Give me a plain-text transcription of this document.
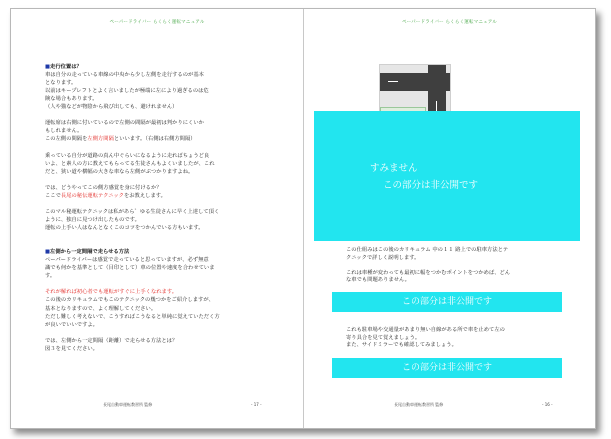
ペーパードライバー らくらく運転マニュアル
■走行位置は？
車は自分の走っている車線の中央から少し左側を走行するのが基本
となります。
以前はキープレフトとよく言いましたが極端に左により過ぎるのは危
険な場合もあります。
（人や猫などが物陰から飛び出しても、避けれません）
運転席は右側に付いているので左側の間隔が最初は判かりにくいか
もしれません。
この左側の間隔を左側方間隔といいます。（右側は右側方間隔）
乗っている自分が道路の真ん中ぐらいになるように走ればちょうど良
いよ、と素人の方に教えてもらってる生徒さんもよくいましたが、これ
だと、狭い道や横幅の大きな車なら左側がぶつかりますよね。
では、どうやってこの側方感覚を身に付けるか？
ここで長尾の秘伝運転テクニックをお教えします。
このマル秘運転テクニックは私があら゛ゆる生徒さんに早く上達して頂く
ように、独自に見つけ出したものです。
運転の上手い人はなんとなくこのコツをつかんでいる方もいます。
■左側から一定間隔で走らせる方法
ペーパードライバーは感覚で走っていると思っていますが、必ず無意
識でも何かを基準として（目印として）車の位置や速度を合わせていま
す。
それが解れば初心者でも運転がすぐに上手くなれます。
この後のカリキュラムでもこのテクニックの幾つかをご紹介しますが、
基本となりますので、よく理解してください。
ただし難しく考えないで、こうすればこうなると単純に覚えていただく方
が良いでいいですよ。
では、左側から一定間隔（距離）で走らせる方法とは？
図３を見てください。
長尾自動車運転教習所 監修	- 17 -
ペーパードライバー らくらく運転マニュアル
すみません
この部分は非公開です
この仕組みはこの後のカリキュラム 中の１１ 路上での駐車方法とテ
クニックで詳しく説明します。
これは車種が変わっても最初に幅をつかむポイントをつかめば、どん
な車でも問題ありません。
この部分は非公開です
これも駐車場や交通量があまり無い自線がある所で車を止めて左の
寄り具合を見て覚えましょう。
また、サイドミラーでも確認してみましょう。
この部分は非公開です
長尾自動車運転教習所 監修	- 16 -
